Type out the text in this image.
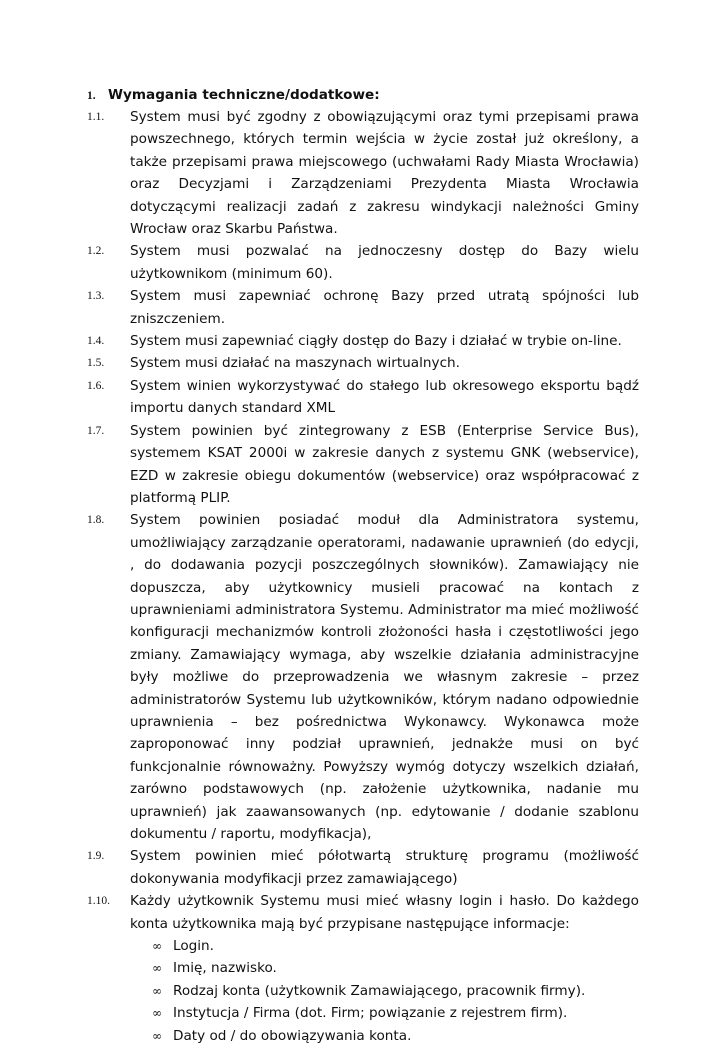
1. Wymagania techniczne/dodatkowe:
1.1. System musi być zgodny z obowiązującymi oraz tymi przepisami prawa powszechnego, których termin wejścia w życie został już określony, a także przepisami prawa miejscowego (uchwałami Rady Miasta Wrocławia) oraz Decyzjami i Zarządzeniami Prezydenta Miasta Wrocławia dotyczącymi realizacji zadań z zakresu windykacji należności Gminy Wrocław oraz Skarbu Państwa.
1.2. System musi pozwalać na jednoczesny dostęp do Bazy wielu użytkownikom (minimum 60).
1.3. System musi zapewniać ochronę Bazy przed utratą spójności lub zniszczeniem.
1.4. System musi zapewniać ciągły dostęp do Bazy i działać w trybie on-line.
1.5. System musi działać na maszynach wirtualnych.
1.6. System winien wykorzystywać do stałego lub okresowego eksportu bądź importu danych standard XML
1.7. System powinien być zintegrowany z ESB (Enterprise Service Bus), systemem KSAT 2000i w zakresie danych z systemu GNK (webservice), EZD w zakresie obiegu dokumentów (webservice) oraz współpracować z platformą PLIP.
1.8. System powinien posiadać moduł dla Administratora systemu, umożliwiający zarządzanie operatorami, nadawanie uprawnień (do edycji, , do dodawania pozycji poszczególnych słowników). Zamawiający nie dopuszcza, aby użytkownicy musieli pracować na kontach z uprawnieniami administratora Systemu. Administrator ma mieć możliwość konfiguracji mechanizmów kontroli złożoności hasła i częstotliwości jego zmiany. Zamawiający wymaga, aby wszelkie działania administracyjne były możliwe do przeprowadzenia we własnym zakresie – przez administratorów Systemu lub użytkowników, którym nadano odpowiednie uprawnienia – bez pośrednictwa Wykonawcy. Wykonawca może zaproponować inny podział uprawnień, jednakże musi on być funkcjonalnie równoważny. Powyższy wymóg dotyczy wszelkich działań, zarówno podstawowych (np. założenie użytkownika, nadanie mu uprawnień) jak zaawansowanych (np. edytowanie / dodanie szablonu dokumentu / raportu, modyfikacja),
1.9. System powinien mieć półotwartą strukturę programu (możliwość dokonywania modyfikacji przez zamawiającego)
1.10. Każdy użytkownik Systemu musi mieć własny login i hasło. Do każdego konta użytkownika mają być przypisane następujące informacje:
∞ Login.
∞ Imię, nazwisko.
∞ Rodzaj konta (użytkownik Zamawiającego, pracownik firmy).
∞ Instytucja / Firma (dot. Firm; powiązanie z rejestrem firm).
∞ Daty od / do obowiązywania konta.
